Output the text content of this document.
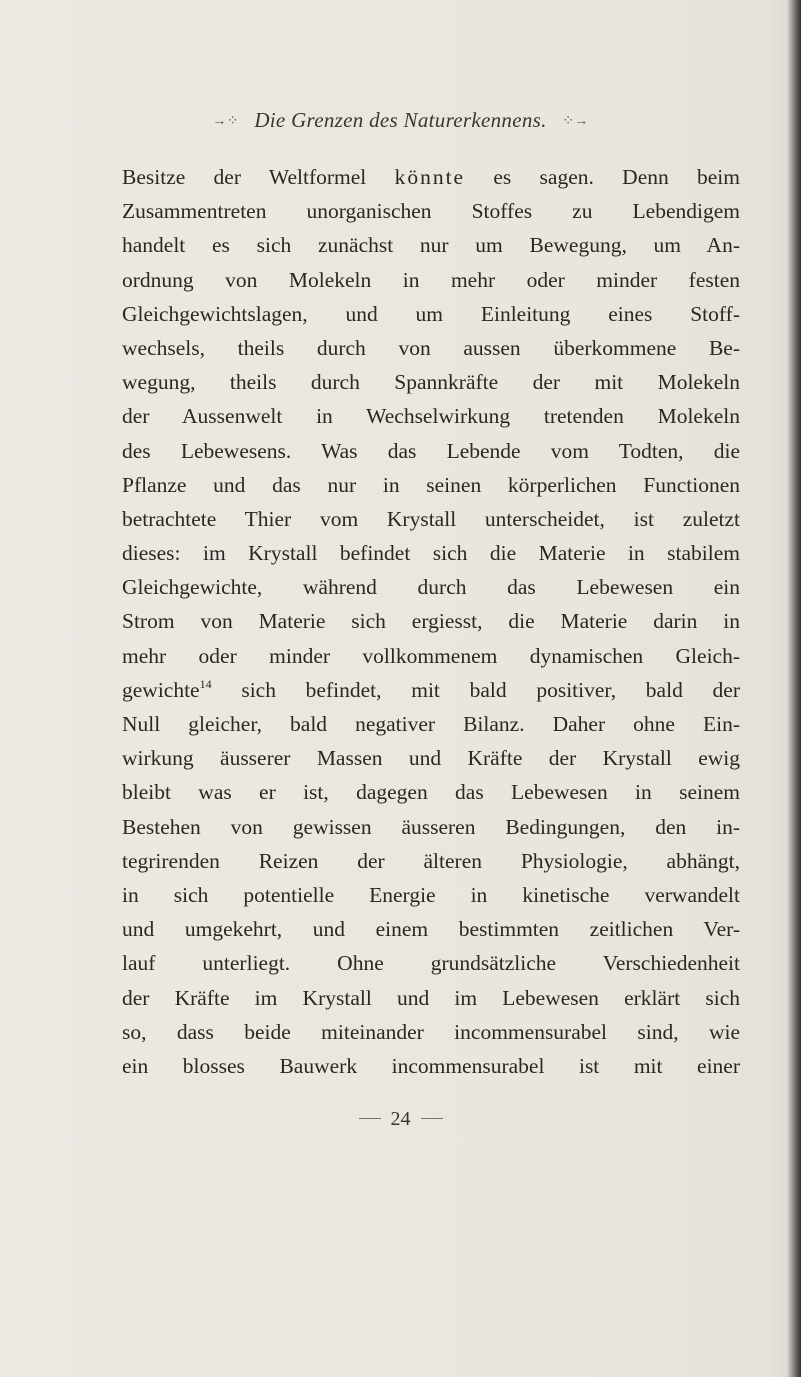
→⁘ Die Grenzen des Naturerkennens. ⁘→
Besitze der Weltformel könnte es sagen. Denn beim
Zusammentreten unorganischen Stoffes zu Lebendigem
handelt es sich zunächst nur um Bewegung, um An-
ordnung von Molekeln in mehr oder minder festen
Gleichgewichtslagen, und um Einleitung eines Stoff-
wechsels, theils durch von aussen überkommene Be-
wegung, theils durch Spannkräfte der mit Molekeln
der Aussenwelt in Wechselwirkung tretenden Molekeln
des Lebewesens. Was das Lebende vom Todten, die
Pflanze und das nur in seinen körperlichen Functionen
betrachtete Thier vom Krystall unterscheidet, ist zuletzt
dieses: im Krystall befindet sich die Materie in stabilem
Gleichgewichte, während durch das Lebewesen ein
Strom von Materie sich ergiesst, die Materie darin in
mehr oder minder vollkommenem dynamischen Gleich-
gewichte$^{14}$ sich befindet, mit bald positiver, bald der
Null gleicher, bald negativer Bilanz. Daher ohne Ein-
wirkung äusserer Massen und Kräfte der Krystall ewig
bleibt was er ist, dagegen das Lebewesen in seinem
Bestehen von gewissen äusseren Bedingungen, den in-
tegrirenden Reizen der älteren Physiologie, abhängt,
in sich potentielle Energie in kinetische verwandelt
und umgekehrt, und einem bestimmten zeitlichen Ver-
lauf unterliegt. Ohne grundsätzliche Verschiedenheit
der Kräfte im Krystall und im Lebewesen erklärt sich
so, dass beide miteinander incommensurabel sind, wie
ein blosses Bauwerk incommensurabel ist mit einer
24
